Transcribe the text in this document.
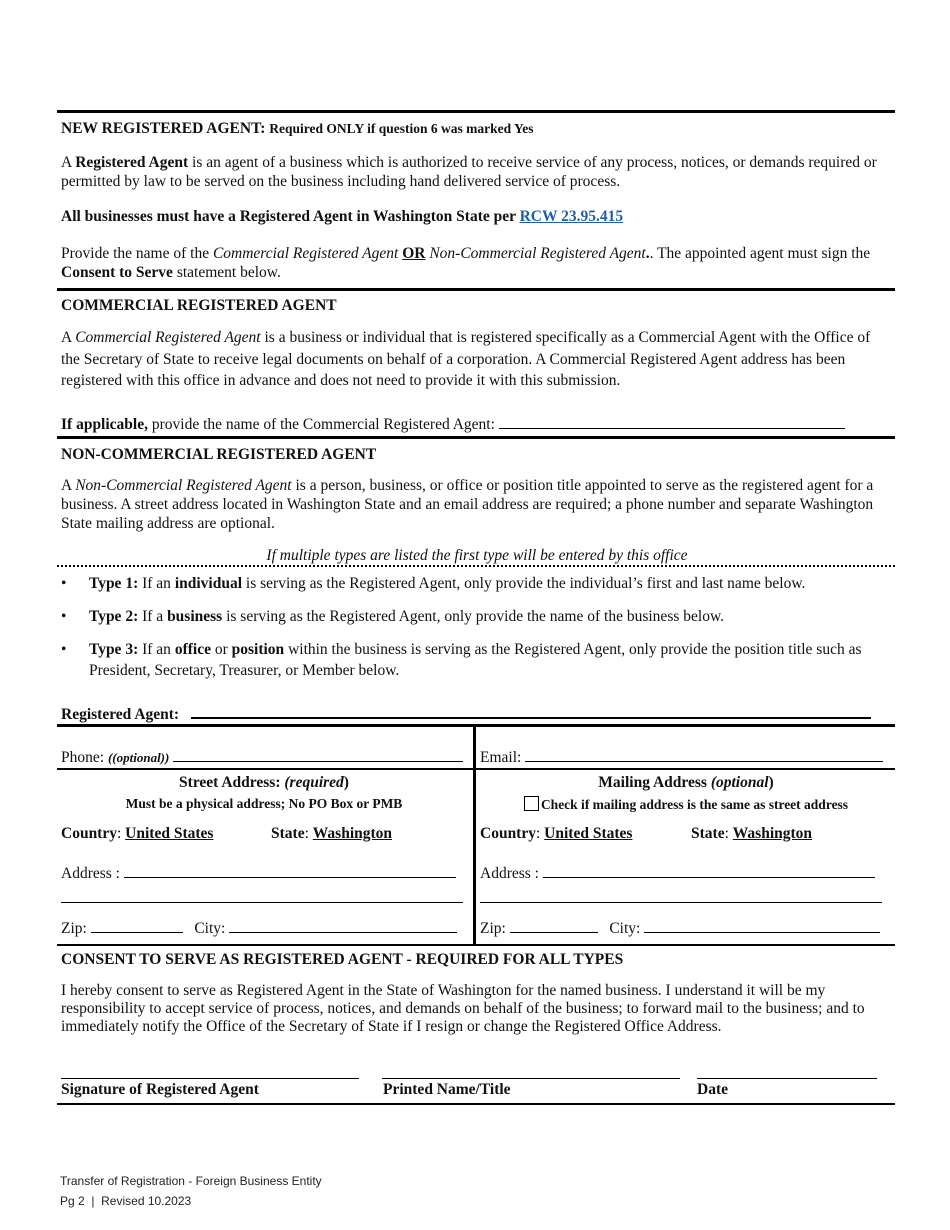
NEW REGISTERED AGENT: Required ONLY if question 6 was marked Yes
A Registered Agent is an agent of a business which is authorized to receive service of any process, notices, or demands required or permitted by law to be served on the business including hand delivered service of process.
All businesses must have a Registered Agent in Washington State per RCW 23.95.415
Provide the name of the Commercial Registered Agent OR Non-Commercial Registered Agent.. The appointed agent must sign the Consent to Serve statement below.
COMMERCIAL REGISTERED AGENT
A Commercial Registered Agent is a business or individual that is registered specifically as a Commercial Agent with the Office of the Secretary of State to receive legal documents on behalf of a corporation. A Commercial Registered Agent address has been registered with this office in advance and does not need to provide it with this submission.
If applicable, provide the name of the Commercial Registered Agent:
NON-COMMERCIAL REGISTERED AGENT
A Non-Commercial Registered Agent is a person, business, or office or position title appointed to serve as the registered agent for a business. A street address located in Washington State and an email address are required; a phone number and separate Washington State mailing address are optional.
If multiple types are listed the first type will be entered by this office
• Type 1: If an individual is serving as the Registered Agent, only provide the individual’s first and last name below.
• Type 2: If a business is serving as the Registered Agent, only provide the name of the business below.
• Type 3: If an office or position within the business is serving as the Registered Agent, only provide the position title such as President, Secretary, Treasurer, or Member below.
Registered Agent:
Phone: ((optional))	Email:
Street Address: (required)
Must be a physical address; No PO Box or PMB
Country: United States	State: Washington
Address :
Zip:	City:
Mailing Address (optional)
Check if mailing address is the same as street address
Country: United States	State: Washington
Address :
Zip:	City:
CONSENT TO SERVE AS REGISTERED AGENT - REQUIRED FOR ALL TYPES
I hereby consent to serve as Registered Agent in the State of Washington for the named business. I understand it will be my responsibility to accept service of process, notices, and demands on behalf of the business; to forward mail to the business; and to immediately notify the Office of the Secretary of State if I resign or change the Registered Office Address.
Signature of Registered Agent	Printed Name/Title	Date
Transfer of Registration - Foreign Business Entity
Pg 2  |  Revised 10.2023
